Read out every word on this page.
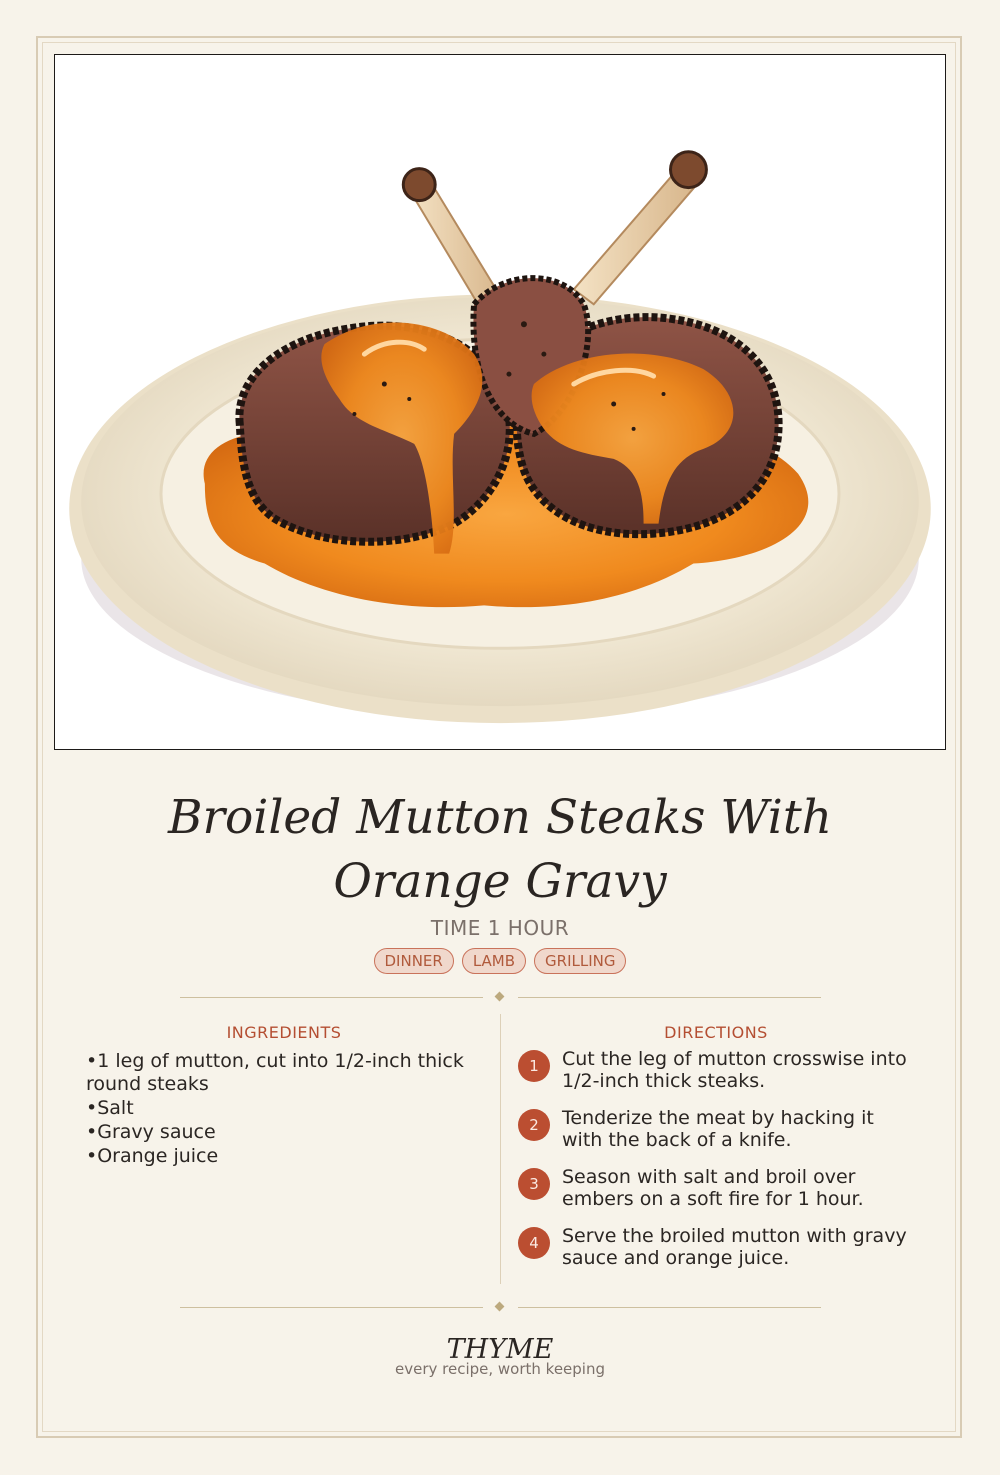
Broiled Mutton Steaks With Orange Gravy
TIME 1 HOUR
DINNER	LAMB	GRILLING
INGREDIENTS
• 1 leg of mutton, cut into 1/2-inch thick round steaks
• Salt
• Gravy sauce
• Orange juice
DIRECTIONS
1	Cut the leg of mutton crosswise into 1/2-inch thick steaks.
2	Tenderize the meat by hacking it with the back of a knife.
3	Season with salt and broil over embers on a soft fire for 1 hour.
4	Serve the broiled mutton with gravy sauce and orange juice.
THYME
every recipe, worth keeping
